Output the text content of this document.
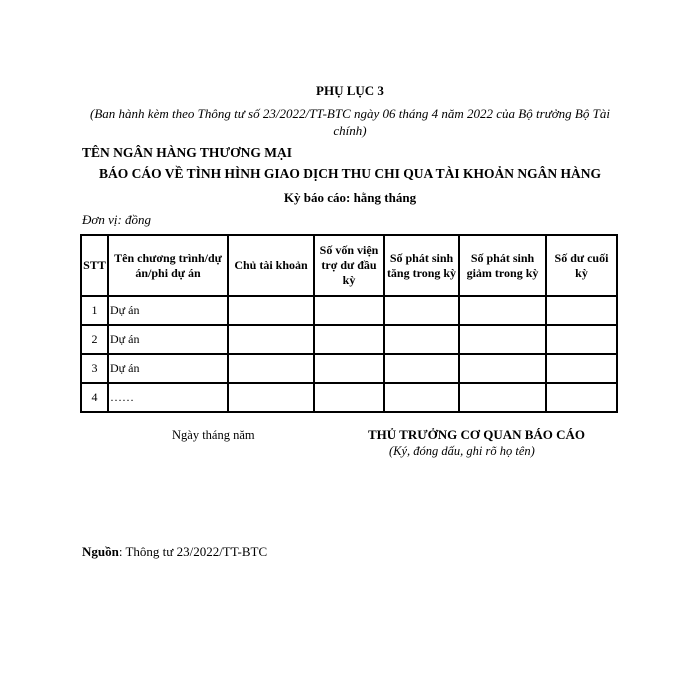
PHỤ LỤC 3
(Ban hành kèm theo Thông tư số 23/2022/TT-BTC ngày 06 tháng 4 năm 2022 của Bộ trưởng Bộ Tài chính)
TÊN NGÂN HÀNG THƯƠNG MẠI
BÁO CÁO VỀ TÌNH HÌNH GIAO DỊCH THU CHI QUA TÀI KHOẢN NGÂN HÀNG
Kỳ báo cáo: hằng tháng
Đơn vị: đồng
STT	Tên chương trình/dự án/phi dự án	Chủ tài khoản	Số vốn viện trợ dư đầu kỳ	Số phát sinh tăng trong kỳ	Số phát sinh giảm trong kỳ	Số dư cuối kỳ
1	Dự án					
2	Dự án					
3	Dự án					
4	……					
Ngày tháng năm	THỦ TRƯỞNG CƠ QUAN BÁO CÁO
(Ký, đóng dấu, ghi rõ họ tên)
Nguồn: Thông tư 23/2022/TT-BTC
